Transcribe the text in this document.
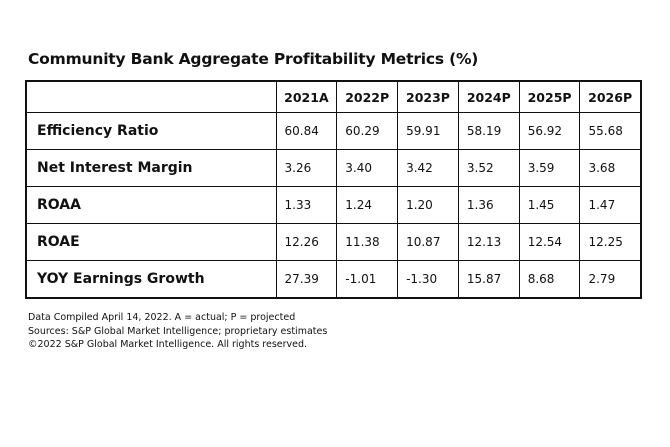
Community Bank Aggregate Profitability Metrics (%)
	2021A	2022P	2023P	2024P	2025P	2026P
Efficiency Ratio	60.84	60.29	59.91	58.19	56.92	55.68
Net Interest Margin	3.26	3.40	3.42	3.52	3.59	3.68
ROAA	1.33	1.24	1.20	1.36	1.45	1.47
ROAE	12.26	11.38	10.87	12.13	12.54	12.25
YOY Earnings Growth	27.39	-1.01	-1.30	15.87	8.68	2.79
Data Compiled April 14, 2022. A = actual; P = projected
Sources: S&P Global Market Intelligence; proprietary estimates
©2022 S&P Global Market Intelligence. All rights reserved.
